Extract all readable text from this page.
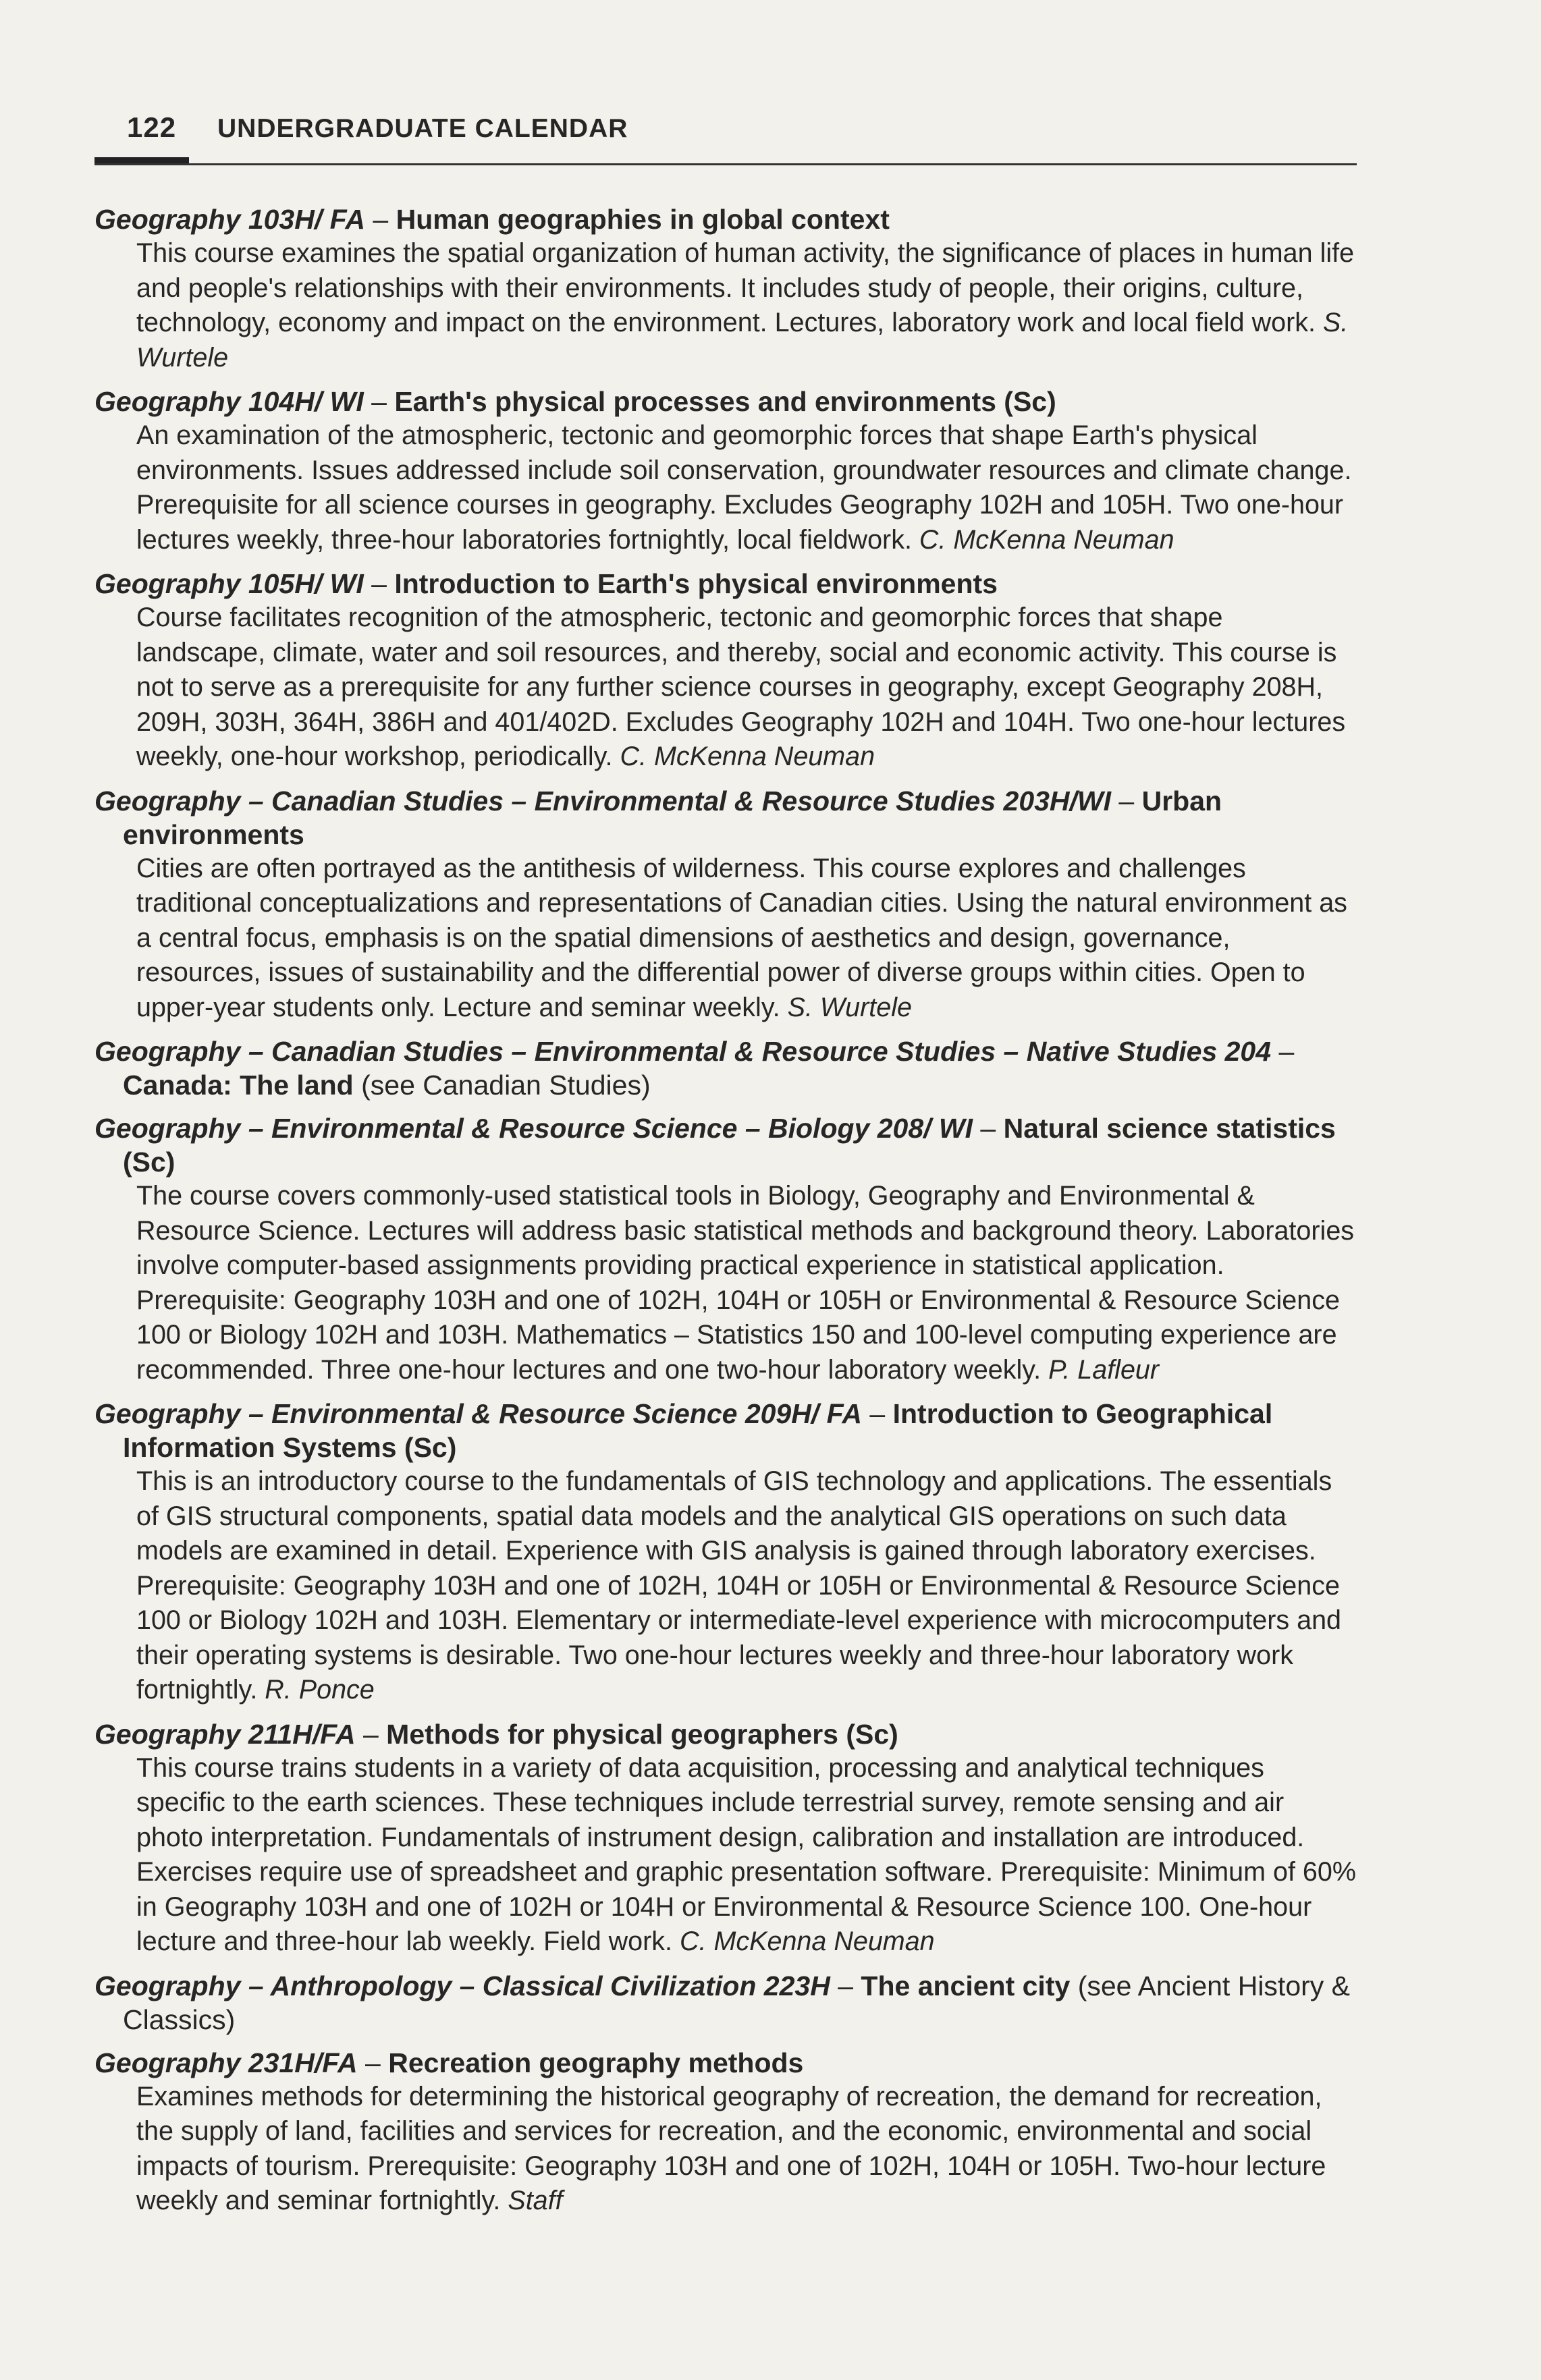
122 UNDERGRADUATE CALENDAR

Geography 103H/ FA – Human geographies in global context

This course examines the spatial organization of human activity, the significance of places in human life and people's relationships with their environments. It includes study of people, their origins, culture, technology, economy and impact on the environment. Lectures, laboratory work and local field work. S. Wurtele

Geography 104H/ WI – Earth's physical processes and environments (Sc)

An examination of the atmospheric, tectonic and geomorphic forces that shape Earth's physical environments. Issues addressed include soil conservation, groundwater resources and climate change. Prerequisite for all science courses in geography. Excludes Geography 102H and 105H. Two one-hour lectures weekly, three-hour laboratories fortnightly, local fieldwork. C. McKenna Neuman

Geography 105H/ WI – Introduction to Earth's physical environments

Course facilitates recognition of the atmospheric, tectonic and geomorphic forces that shape landscape, climate, water and soil resources, and thereby, social and economic activity. This course is not to serve as a prerequisite for any further science courses in geography, except Geography 208H, 209H, 303H, 364H, 386H and 401/402D. Excludes Geography 102H and 104H. Two one-hour lectures weekly, one-hour workshop, periodically. C. McKenna Neuman

Geography – Canadian Studies – Environmental & Resource Studies 203H/WI – Urban environments

Cities are often portrayed as the antithesis of wilderness. This course explores and challenges traditional conceptualizations and representations of Canadian cities. Using the natural environment as a central focus, emphasis is on the spatial dimensions of aesthetics and design, governance, resources, issues of sustainability and the differential power of diverse groups within cities. Open to upper-year students only. Lecture and seminar weekly. S. Wurtele

Geography – Canadian Studies – Environmental & Resource Studies – Native Studies 204 – Canada: The land (see Canadian Studies)

Geography – Environmental & Resource Science – Biology 208/ WI – Natural science statistics (Sc)

The course covers commonly-used statistical tools in Biology, Geography and Environmental & Resource Science. Lectures will address basic statistical methods and background theory. Laboratories involve computer-based assignments providing practical experience in statistical application. Prerequisite: Geography 103H and one of 102H, 104H or 105H or Environmental & Resource Science 100 or Biology 102H and 103H. Mathematics – Statistics 150 and 100-level computing experience are recommended. Three one-hour lectures and one two-hour laboratory weekly. P. Lafleur

Geography – Environmental & Resource Science 209H/ FA – Introduction to Geographical Information Systems (Sc)

This is an introductory course to the fundamentals of GIS technology and applications. The essentials of GIS structural components, spatial data models and the analytical GIS operations on such data models are examined in detail. Experience with GIS analysis is gained through laboratory exercises. Prerequisite: Geography 103H and one of 102H, 104H or 105H or Environmental & Resource Science 100 or Biology 102H and 103H. Elementary or intermediate-level experience with microcomputers and their operating systems is desirable. Two one-hour lectures weekly and three-hour laboratory work fortnightly. R. Ponce

Geography 211H/FA – Methods for physical geographers (Sc)

This course trains students in a variety of data acquisition, processing and analytical techniques specific to the earth sciences. These techniques include terrestrial survey, remote sensing and air photo interpretation. Fundamentals of instrument design, calibration and installation are introduced. Exercises require use of spreadsheet and graphic presentation software. Prerequisite: Minimum of 60% in Geography 103H and one of 102H or 104H or Environmental & Resource Science 100. One-hour lecture and three-hour lab weekly. Field work. C. McKenna Neuman

Geography – Anthropology – Classical Civilization 223H – The ancient city (see Ancient History & Classics)

Geography 231H/FA – Recreation geography methods

Examines methods for determining the historical geography of recreation, the demand for recreation, the supply of land, facilities and services for recreation, and the economic, environmental and social impacts of tourism. Prerequisite: Geography 103H and one of 102H, 104H or 105H. Two-hour lecture weekly and seminar fortnightly. Staff
